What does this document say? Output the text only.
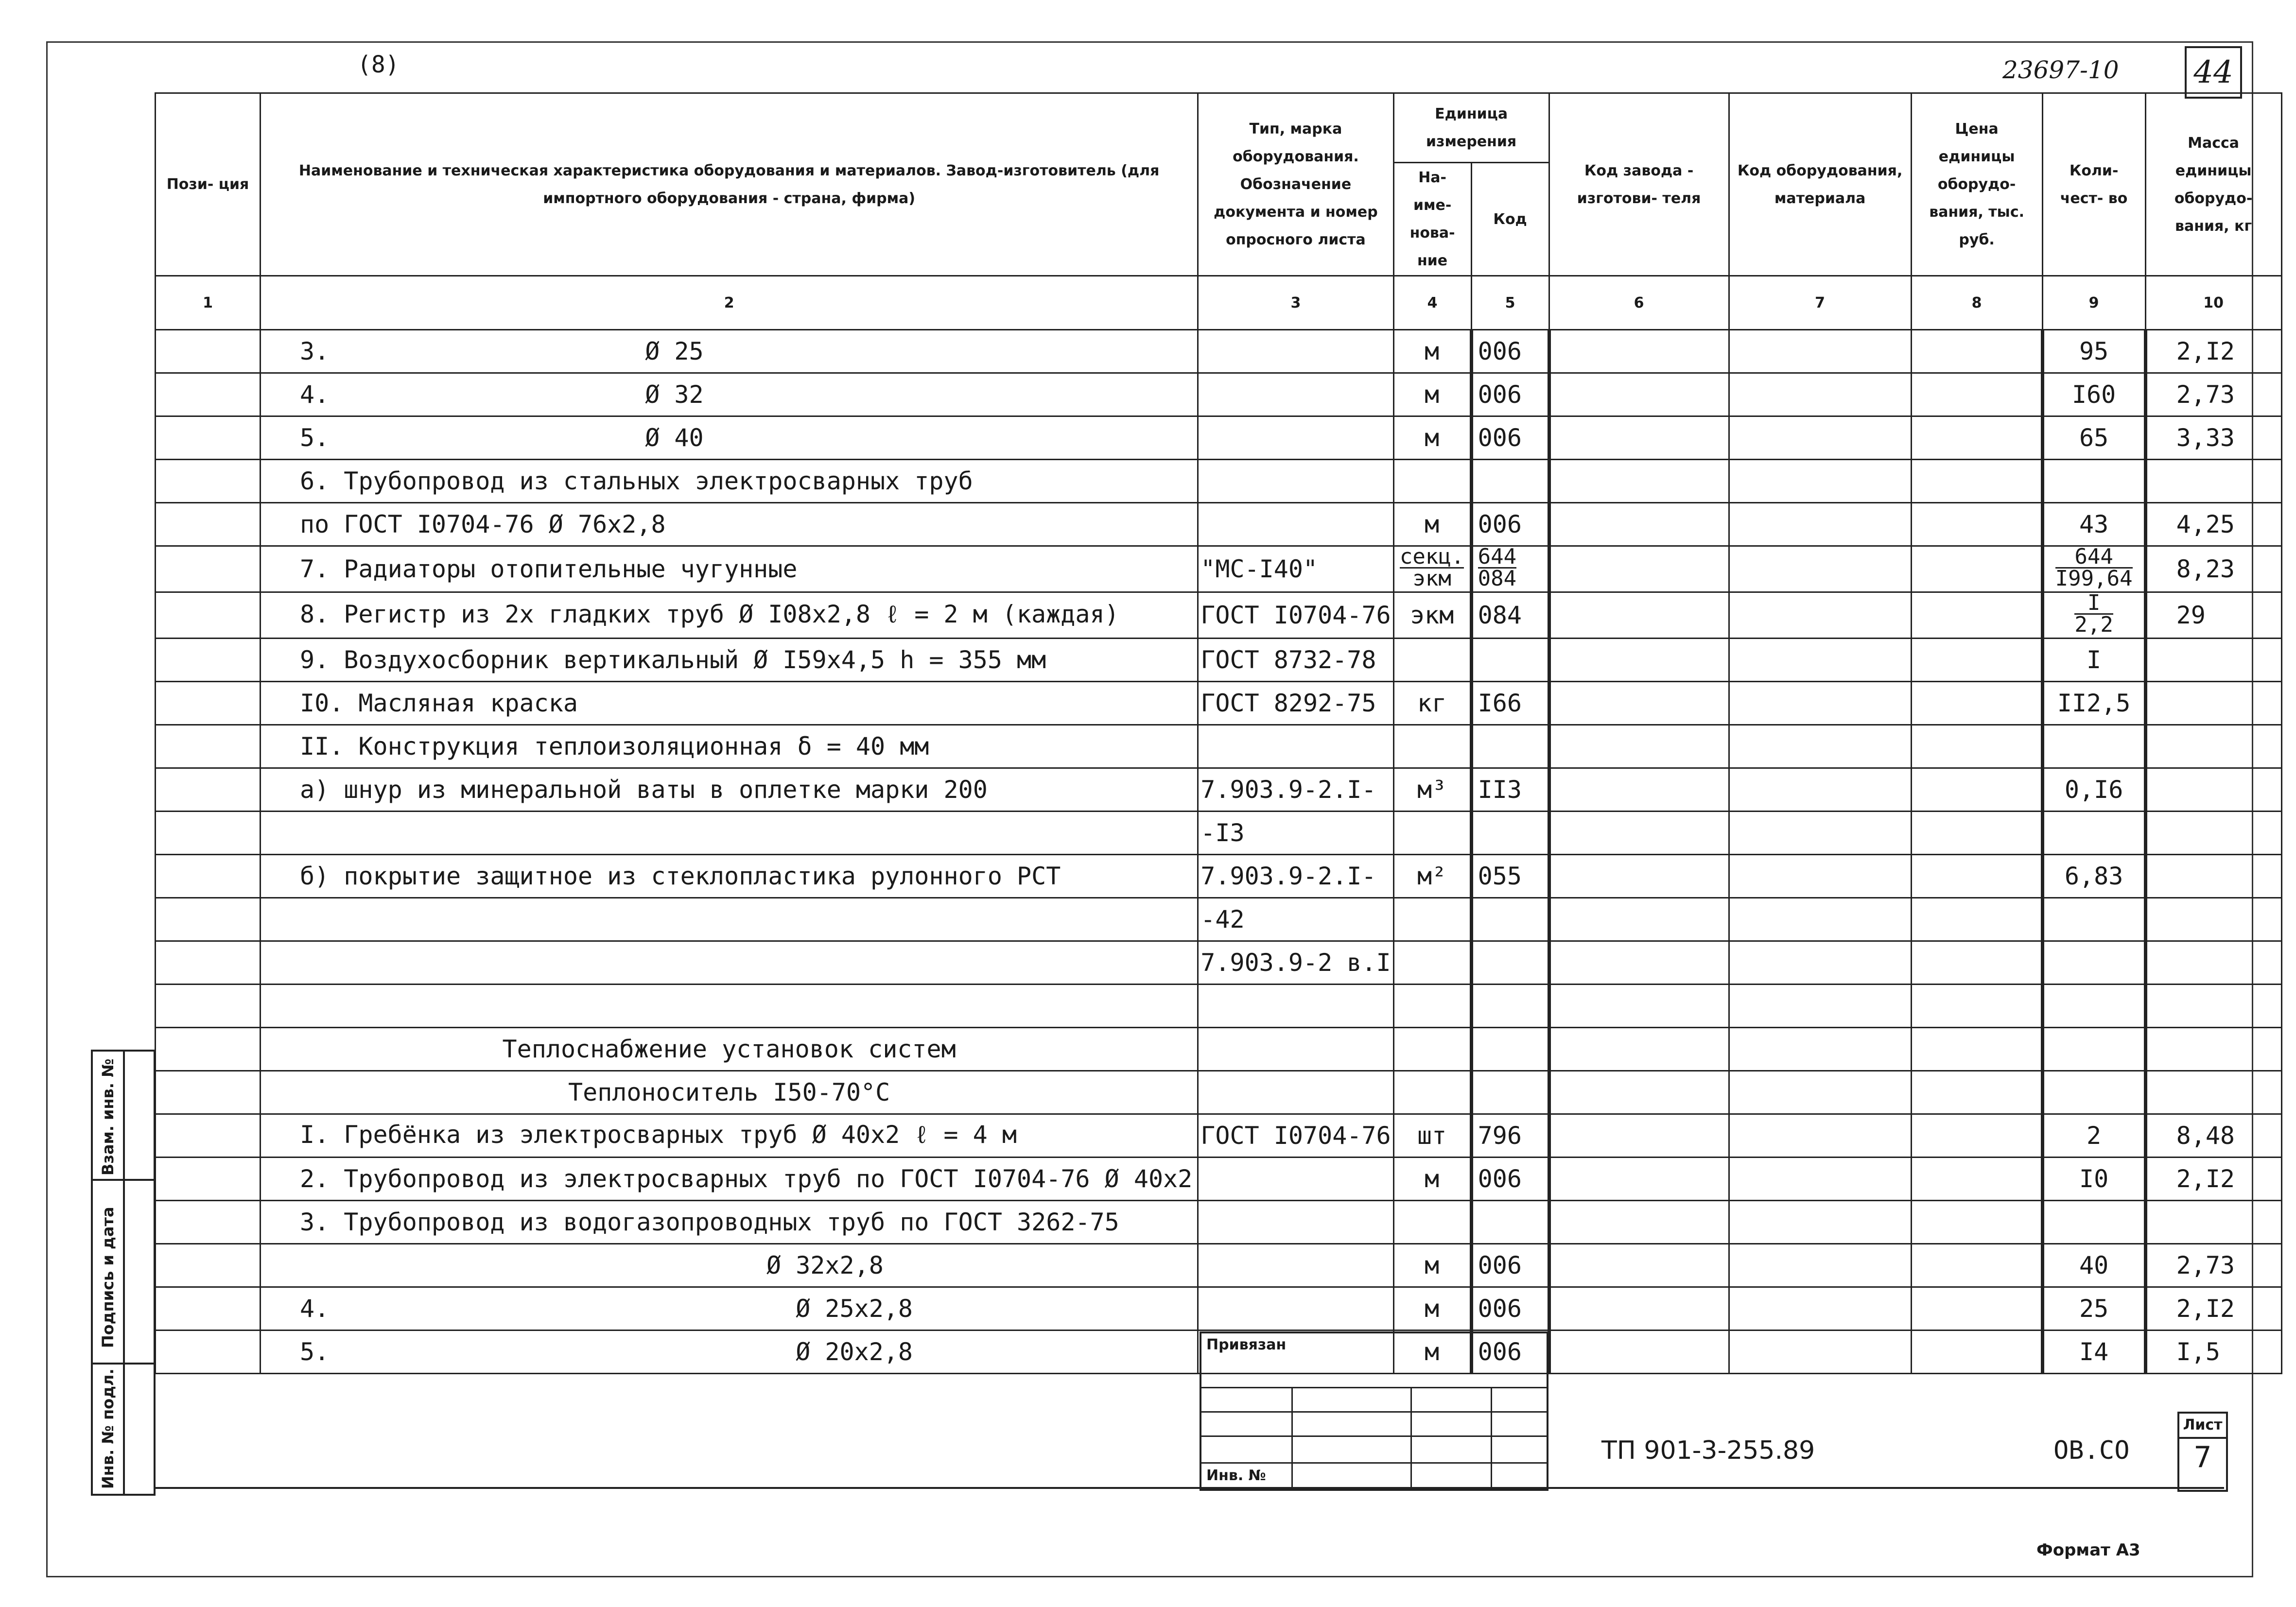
(8)	23697-10 44
Пози- ция	Наименование и техническая характеристика оборудования и материалов. Завод-изготовитель (для импортного оборудования - страна, фирма)	Тип, марка оборудования. Обозначение документа и номер опросного листа	Единица измерения		Код завода - изготови- теля	Код оборудования, материала	Цена единицы оборудо- вания, тыс. руб.	Коли- чест- во	Масса единицы оборудо- вания, кг
			На- име- нова- ние	Код					
1	2	3	4	5	6	7	8	9	10
	3. Ø 25		м	006				95	2,I2
	4. Ø 32		м	006				I60	2,73
	5. Ø 40		м	006				65	3,33
	6. Трубопровод из стальных электросварных труб								
	по ГОСТ I0704-76 Ø 76x2,8		м	006				43	4,25
	7. Радиаторы отопительные чугунные	"МС-I40"	$\frac{\text{секц.}}{\text{экм}}$	$\frac{644}{084}$				$\frac{644}{I99,64}$	8,23
	8. Регистр из 2x гладких труб Ø I08x2,8 ℓ = 2 м (каждая)	ГОСТ I0704-76	экм	084				$\frac{I}{2,2}$	29
	9. Воздухосборник вертикальный Ø I59x4,5 h = 355 мм	ГОСТ 8732-78						I	
	I0. Масляная краска	ГОСТ 8292-75	кг	I66				II2,5	
	II. Конструкция теплоизоляционная δ = 40 мм								
	а) шнур из минеральной ваты в оплетке марки 200	7.903.9-2.I-	м³	II3				0,I6	
		-I3							
	б) покрытие защитное из стеклопластика рулонного РСТ	7.903.9-2.I-	м²	055				6,83	
		-42							
		7.903.9-2 в.I							

	Теплоснабжение установок систем								
	Теплоноситель I50-70°С								
	I. Гребёнка из электросварных труб Ø 40x2 ℓ = 4 м	ГОСТ I0704-76	шт	796				2	8,48
	2. Трубопровод из электросварных труб по ГОСТ I0704-76 Ø 40x2		м	006				I0	2,I2
	3. Трубопровод из водогазопроводных труб по ГОСТ 3262-75								
	Ø 32x2,8		м	006				40	2,73
	4. Ø 25x2,8		м	006				25	2,I2
	5. Ø 20x2,8		м	006				I4	I,5
Взам. инв. №
Подпись и дата
Инв. № подл.
Привязан
Инв. №
ТП 901-3-255.89	ОВ.СО
Лист
7
Формат А3
